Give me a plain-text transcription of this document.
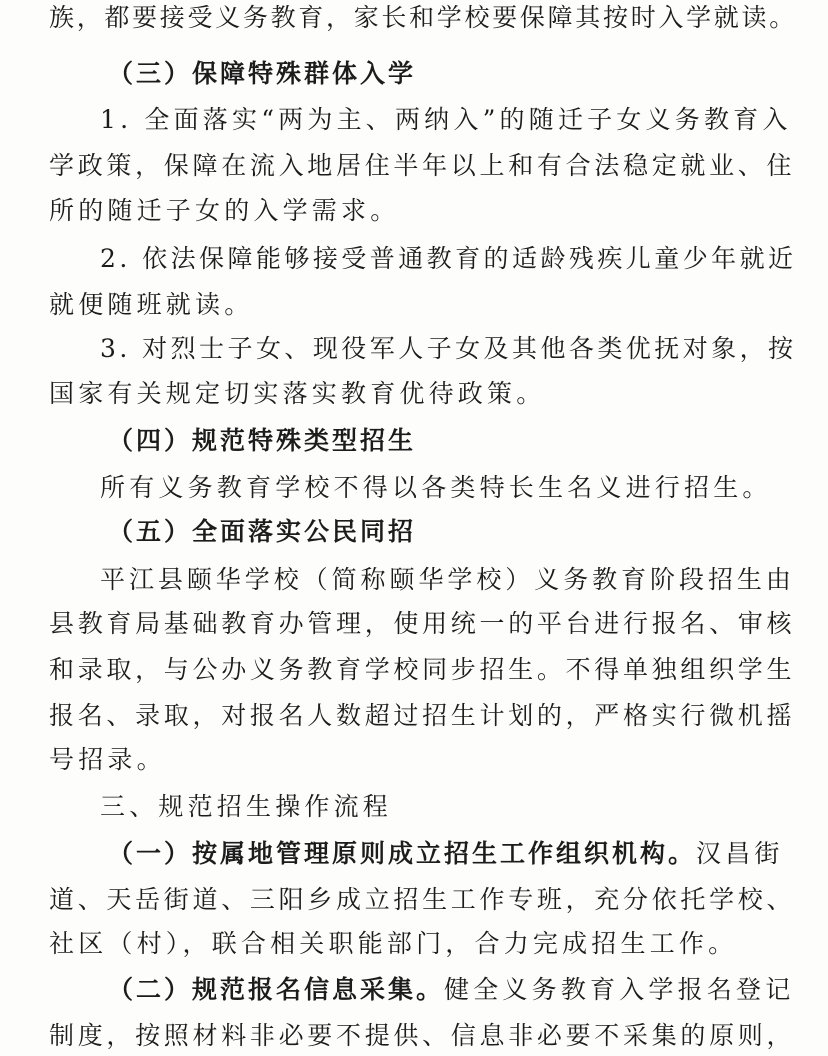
族，都要接受义务教育，家长和学校要保障其按时入学就读。
（三）保障特殊群体入学
1. 全面落实“两为主、两纳入”的随迁子女义务教育入
学政策，保障在流入地居住半年以上和有合法稳定就业、住
所的随迁子女的入学需求。
2. 依法保障能够接受普通教育的适龄残疾儿童少年就近
就便随班就读。
3. 对烈士子女、现役军人子女及其他各类优抚对象，按
国家有关规定切实落实教育优待政策。
（四）规范特殊类型招生
所有义务教育学校不得以各类特长生名义进行招生。
（五）全面落实公民同招
平江县颐华学校（简称颐华学校）义务教育阶段招生由
县教育局基础教育办管理，使用统一的平台进行报名、审核
和录取，与公办义务教育学校同步招生。不得单独组织学生
报名、录取，对报名人数超过招生计划的，严格实行微机摇
号招录。
三、规范招生操作流程
（一）按属地管理原则成立招生工作组织机构。汉昌街
道、天岳街道、三阳乡成立招生工作专班，充分依托学校、
社区（村），联合相关职能部门，合力完成招生工作。
（二）规范报名信息采集。健全义务教育入学报名登记
制度，按照材料非必要不提供、信息非必要不采集的原则，
